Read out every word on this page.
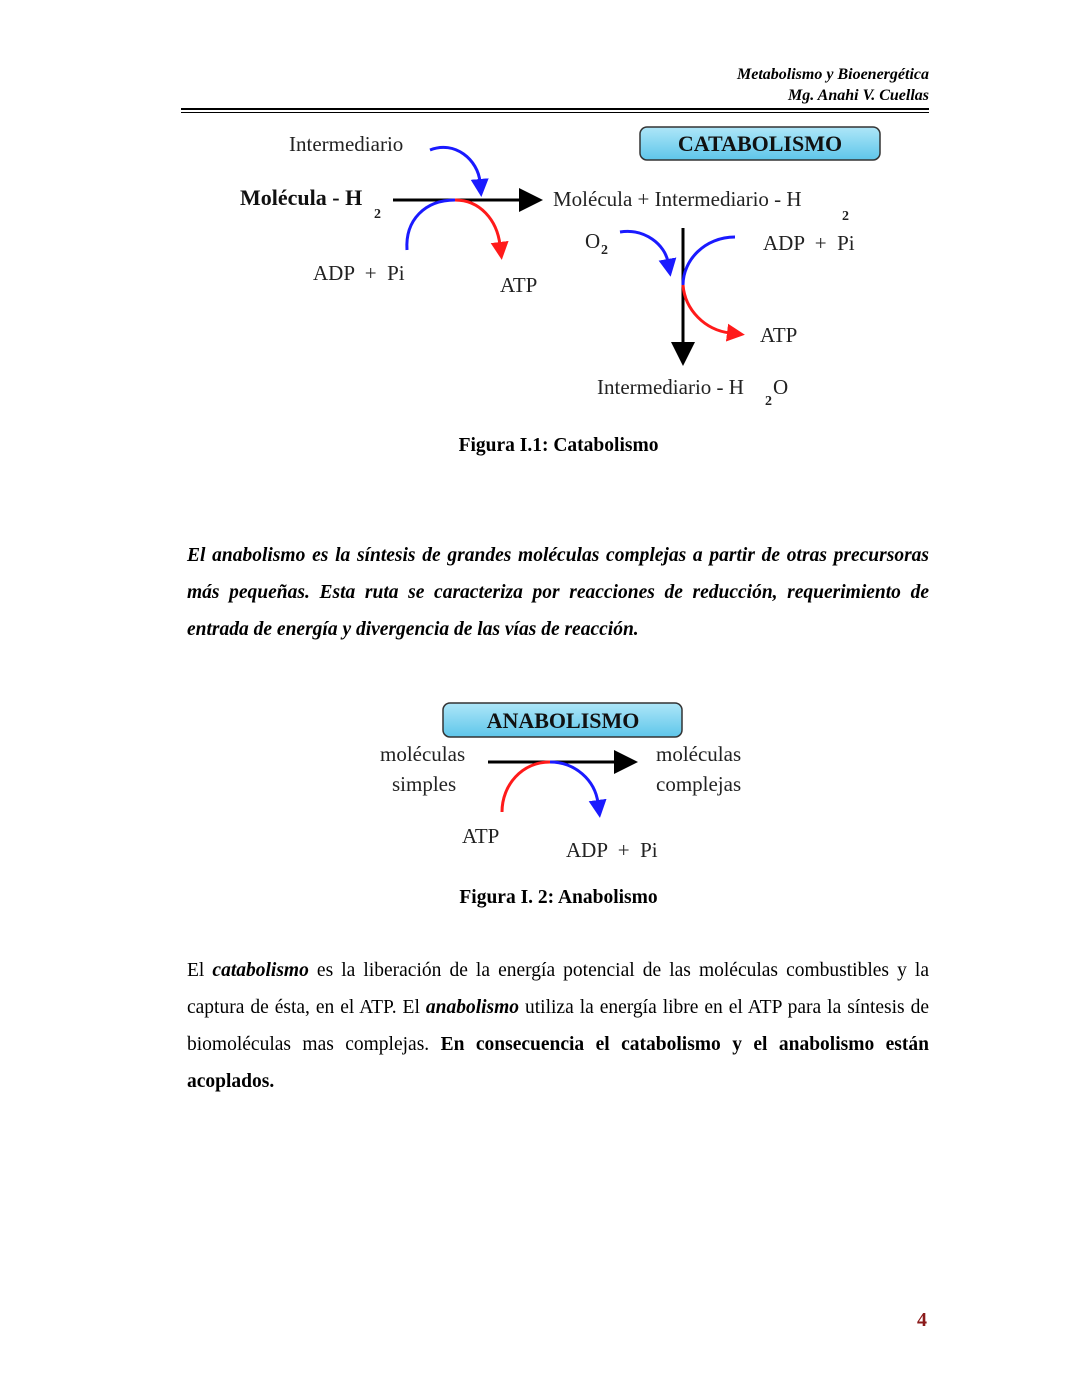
Metabolismo y Bioenergética
Mg. Anahi V. Cuellas
CATABOLISMO
Intermediario
Molécula - H
2
ADP  +  Pi	ATP
Molécula + Intermediario - H
2
O 2	ADP  +  Pi
ATP
Intermediario - H
2
O
ANABOLISMO
moléculas
simples
moléculas
complejas
ATP
ADP  +  Pi
Figura I.1: Catabolismo
El anabolismo es la síntesis de grandes moléculas complejas a partir de otras precursoras más pequeñas. Esta ruta se caracteriza por reacciones de reducción, requerimiento de entrada de energía y divergencia de las vías de reacción.
Figura I. 2: Anabolismo
El catabolismo es la liberación de la energía potencial de las moléculas combustibles y la captura de ésta, en el ATP. El anabolismo utiliza la energía libre en el ATP para la síntesis de biomoléculas mas complejas. En consecuencia el catabolismo y el anabolismo están acoplados.
4
